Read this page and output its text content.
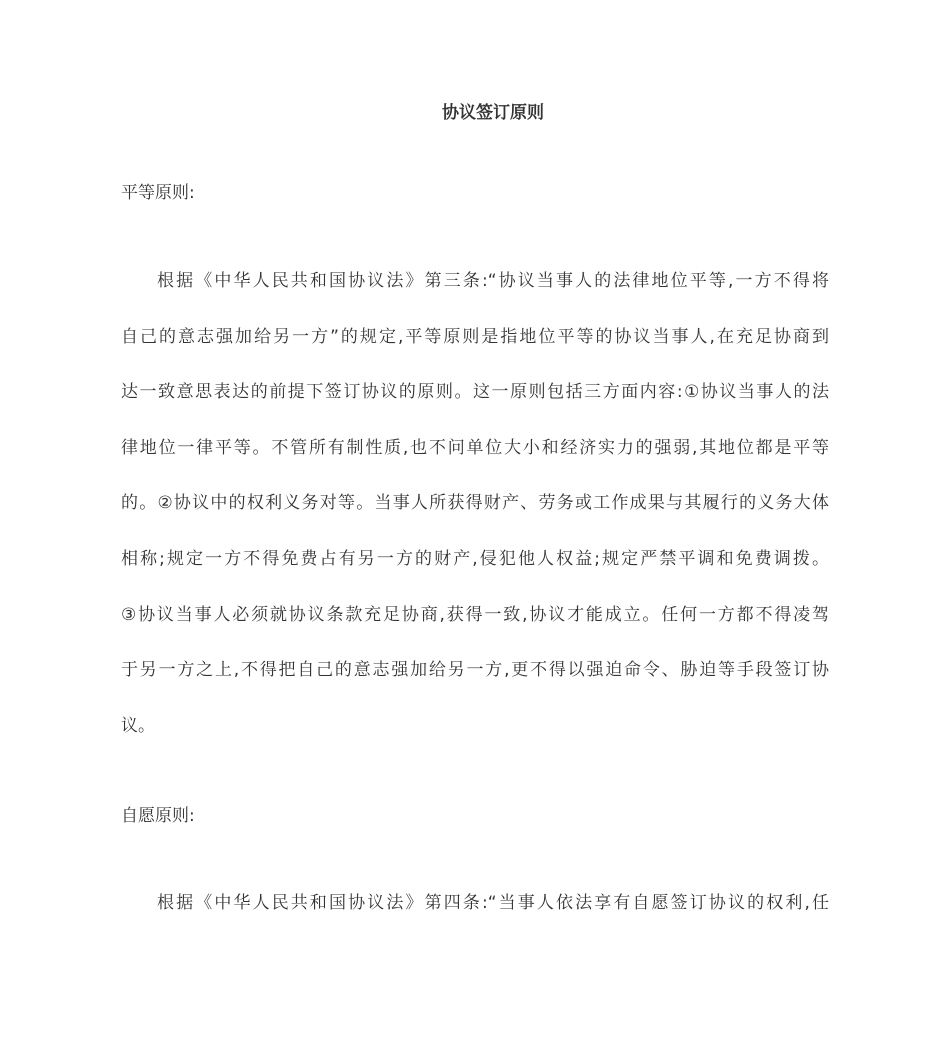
协议签订原则
平等原则:
根据《中华人民共和国协议法》第三条:“协议当事人的法律地位平等,一方不得将
自己的意志强加给另一方”的规定,平等原则是指地位平等的协议当事人,在充足协商到
达一致意思表达的前提下签订协议的原则。这一原则包括三方面内容:①协议当事人的法
律地位一律平等。不管所有制性质,也不问单位大小和经济实力的强弱,其地位都是平等
的。②协议中的权利义务对等。当事人所获得财产、劳务或工作成果与其履行的义务大体
相称;规定一方不得免费占有另一方的财产,侵犯他人权益;规定严禁平调和免费调拨。
③协议当事人必须就协议条款充足协商,获得一致,协议才能成立。任何一方都不得凌驾
于另一方之上,不得把自己的意志强加给另一方,更不得以强迫命令、胁迫等手段签订协
议。
自愿原则:
根据《中华人民共和国协议法》第四条:“当事人依法享有自愿签订协议的权利,任
